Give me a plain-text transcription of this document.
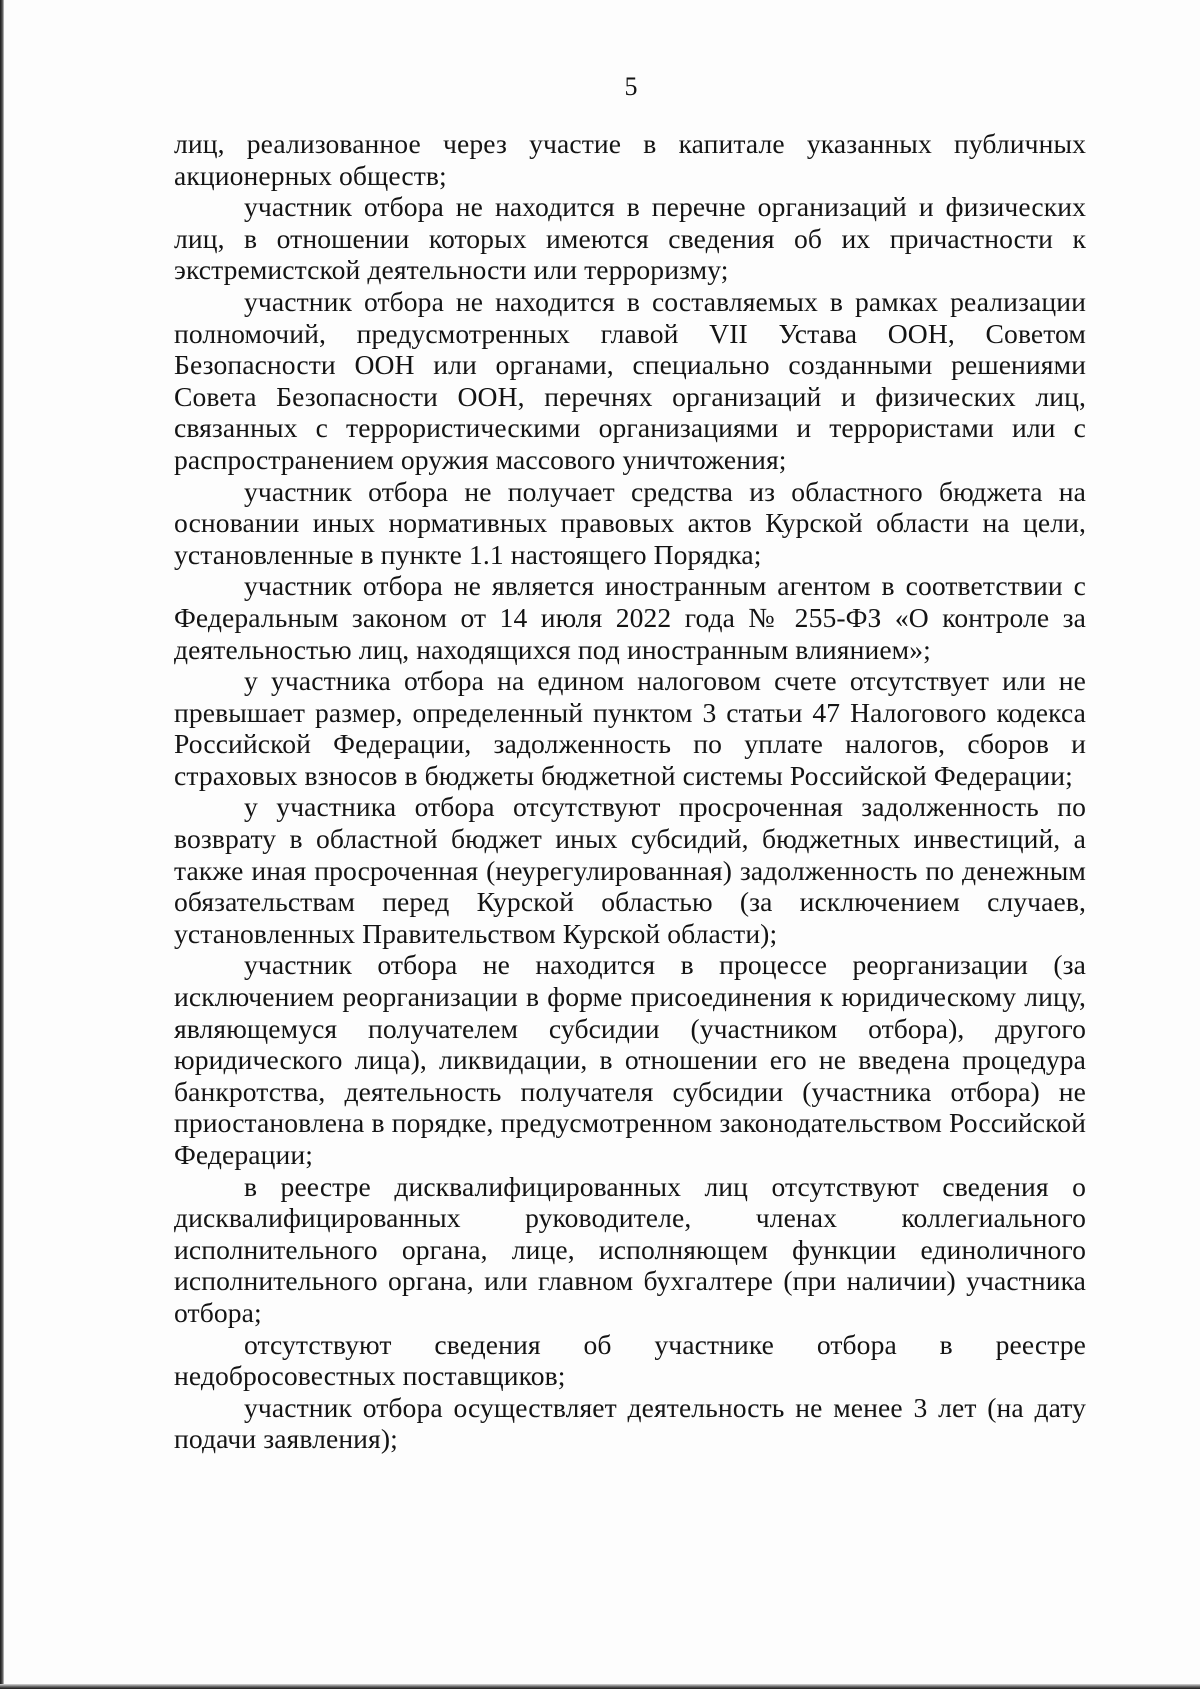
5

лиц, реализованное через участие в капитале указанных публичных акционерных обществ;

участник отбора не находится в перечне организаций и физических лиц, в отношении которых имеются сведения об их причастности к экстремистской деятельности или терроризму;

участник отбора не находится в составляемых в рамках реализации полномочий, предусмотренных главой VII Устава ООН, Советом Безопасности ООН или органами, специально созданными решениями Совета Безопасности ООН, перечнях организаций и физических лиц, связанных с террористическими организациями и террористами или с распространением оружия массового уничтожения;

участник отбора не получает средства из областного бюджета на основании иных нормативных правовых актов Курской области на цели, установленные в пункте 1.1 настоящего Порядка;

участник отбора не является иностранным агентом в соответствии с Федеральным законом от 14 июля 2022 года № 255-ФЗ «О контроле за деятельностью лиц, находящихся под иностранным влиянием»;

у участника отбора на едином налоговом счете отсутствует или не превышает размер, определенный пунктом 3 статьи 47 Налогового кодекса Российской Федерации, задолженность по уплате налогов, сборов и страховых взносов в бюджеты бюджетной системы Российской Федерации;

у участника отбора отсутствуют просроченная задолженность по возврату в областной бюджет иных субсидий, бюджетных инвестиций, а также иная просроченная (неурегулированная) задолженность по денежным обязательствам перед Курской областью (за исключением случаев, установленных Правительством Курской области);

участник отбора не находится в процессе реорганизации (за исключением реорганизации в форме присоединения к юридическому лицу, являющемуся получателем субсидии (участником отбора), другого юридического лица), ликвидации, в отношении его не введена процедура банкротства, деятельность получателя субсидии (участника отбора) не приостановлена в порядке, предусмотренном законодательством Российской Федерации;

в реестре дисквалифицированных лиц отсутствуют сведения о дисквалифицированных руководителе, членах коллегиального исполнительного органа, лице, исполняющем функции единоличного исполнительного органа, или главном бухгалтере (при наличии) участника отбора;

отсутствуют сведения об участнике отбора в реестре недобросовестных поставщиков;

участник отбора осуществляет деятельность не менее 3 лет (на дату подачи заявления);
